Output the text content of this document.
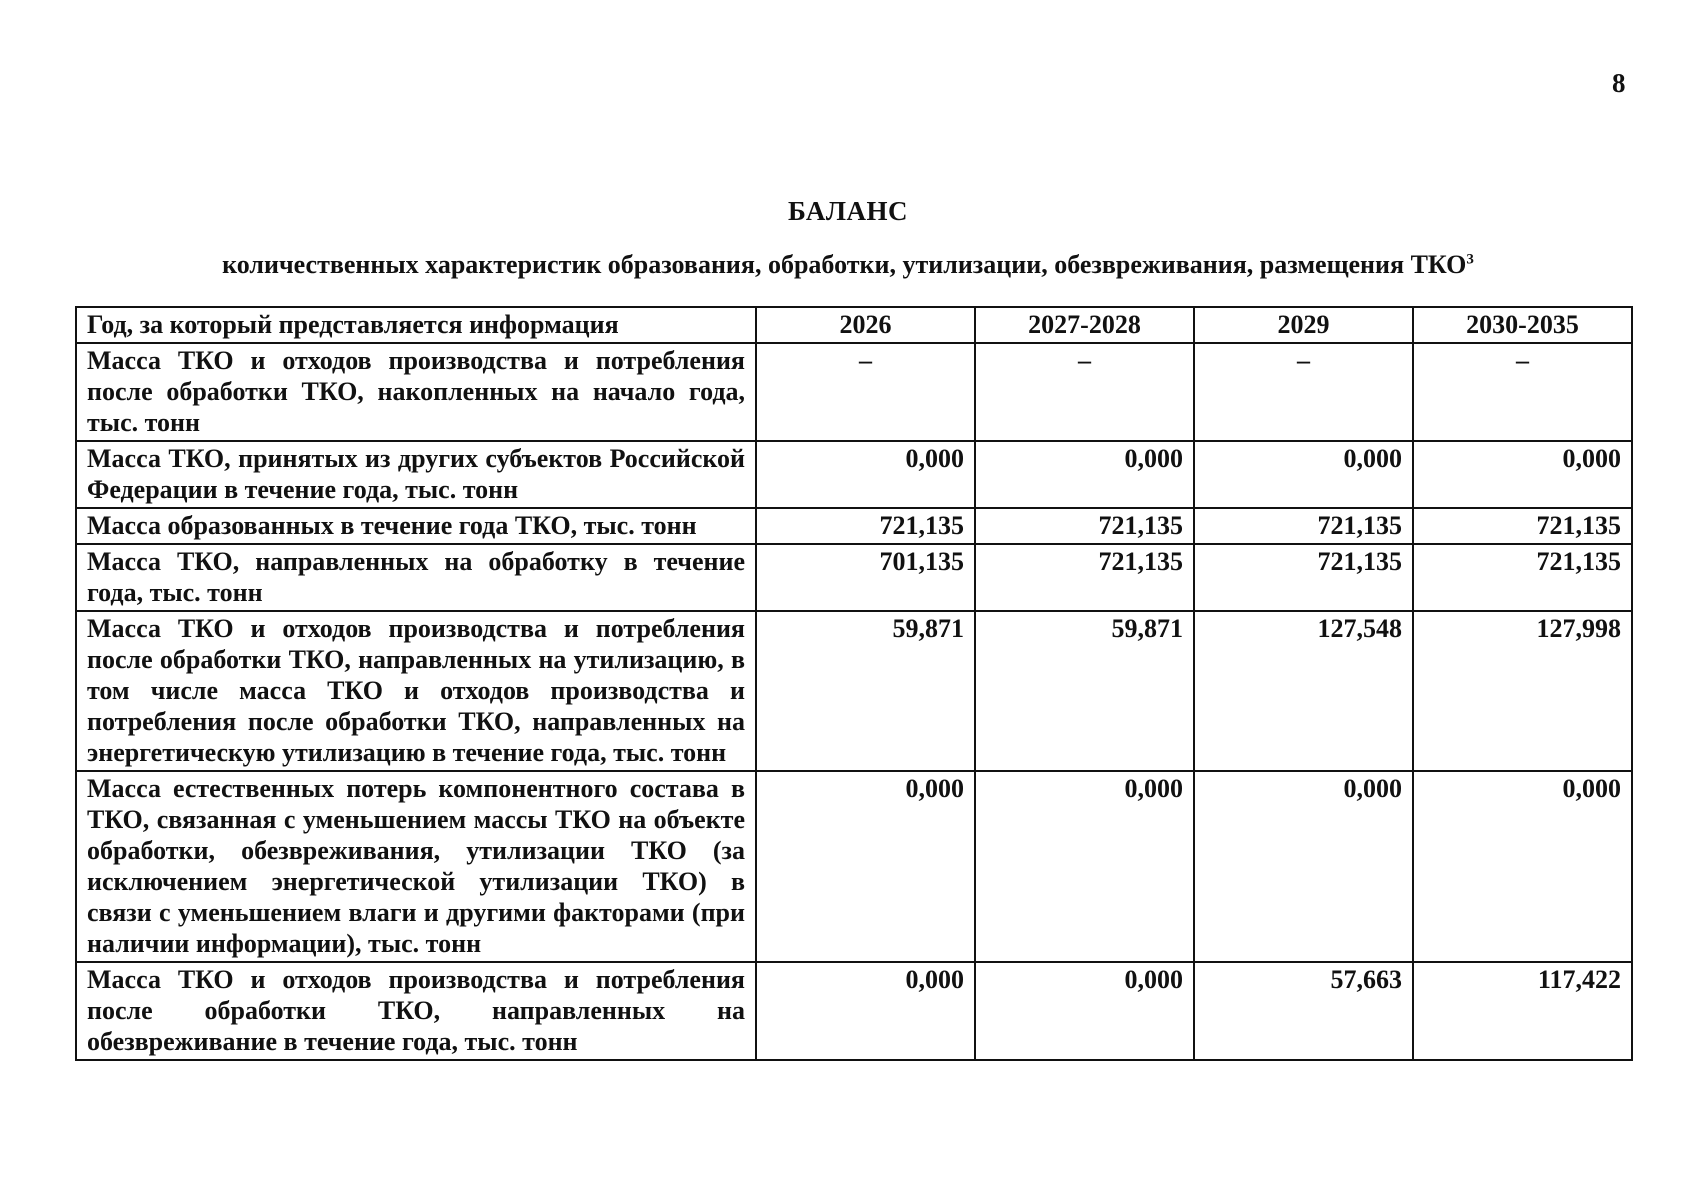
8
БАЛАНС
количественных характеристик образования, обработки, утилизации, обезвреживания, размещения ТКО$^3$
Год, за который представляется информация	2026	2027-2028	2029	2030-2035
Масса ТКО и отходов производства и потребления после обработки ТКО, накопленных на начало года, тыс. тонн	–	–	–	–
Масса ТКО, принятых из других субъектов Российской Федерации в течение года, тыс. тонн	0,000	0,000	0,000	0,000
Масса образованных в течение года ТКО, тыс. тонн	721,135	721,135	721,135	721,135
Масса ТКО, направленных на обработку в течение года, тыс. тонн	701,135	721,135	721,135	721,135
Масса ТКО и отходов производства и потребления после обработки ТКО, направленных на утилизацию, в том числе масса ТКО и отходов производства и потребления после обработки ТКО, направленных на энергетическую утилизацию в течение года, тыс. тонн	59,871	59,871	127,548	127,998
Масса естественных потерь компонентного состава в ТКО, связанная с уменьшением массы ТКО на объекте обработки, обезвреживания, утилизации ТКО (за исключением энергетической утилизации ТКО) в связи с уменьшением влаги и другими факторами (при наличии информации), тыс. тонн	0,000	0,000	0,000	0,000
Масса ТКО и отходов производства и потребления после обработки ТКО, направленных на обезвреживание в течение года, тыс. тонн	0,000	0,000	57,663	117,422
